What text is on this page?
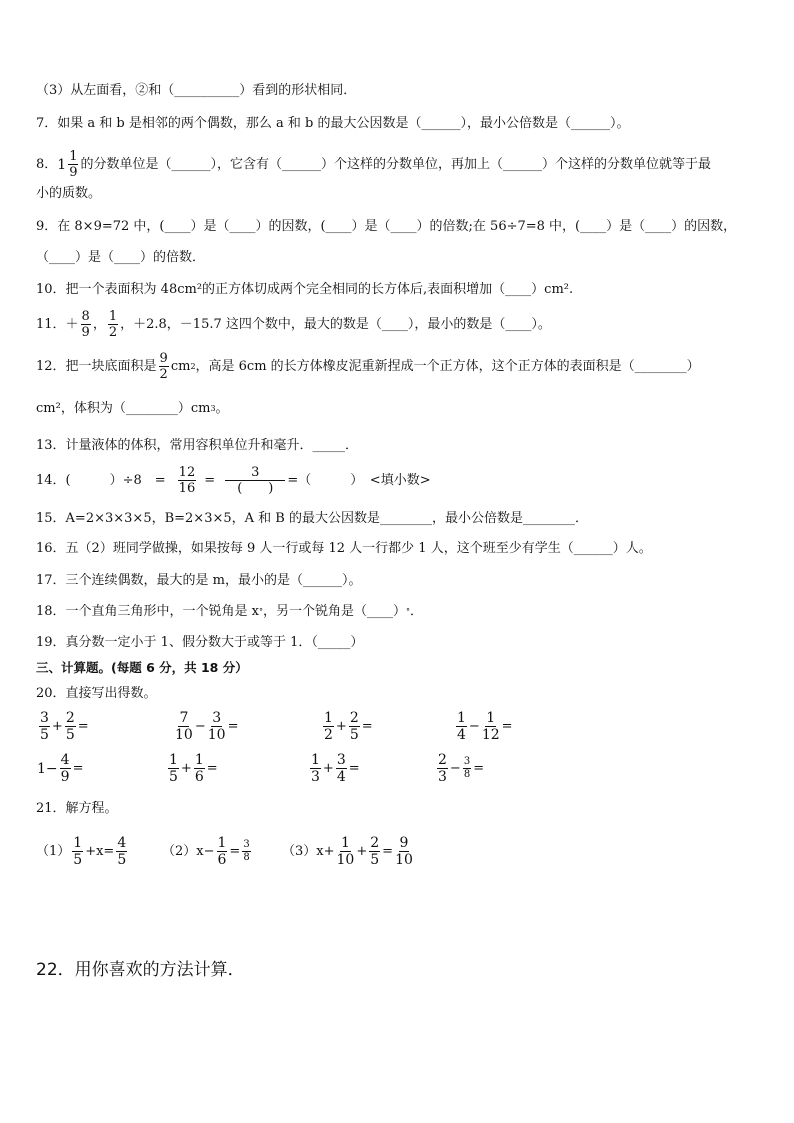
（3）从左面看，②和（__________）看到的形状相同．
7．如果 a 和 b 是相邻的两个偶数，那么 a 和 b 的最大公因数是（______），最小公倍数是（______）。
8． $1 \frac{1}{9}$ 的分数单位是（______），它含有（______）个这样的分数单位，再加上（______）个这样的分数单位就等于最
小的质数。
9．在 8×9=72 中，(____）是（____）的因数，(____）是（____）的倍数;在 56÷7=8 中，(____）是（____）的因数，
（____）是（____）的倍数．
10．把一个表面积为 48cm²的正方体切成两个完全相同的长方体后,表面积增加（____）cm².
11．＋ $\frac{8}{9}$ ， $\frac{1}{2}$ ，＋2.8，－15.7 这四个数中，最大的数是（____），最小的数是（____）。
12．把一块底面积是 $\frac{9}{2}$ cm 2 ，高是 6cm 的长方体橡皮泥重新捏成一个正方体，这个正方体的表面积是（________）
cm²，体积为（________）cm 3 。
13．计量液体的体积，常用容积单位升和毫升．_____．
14．(　　　）÷8　= $\frac{12}{16} = \frac{3}{( )}$ =（　　　）　<填小数>
15．A=2×3×3×5，B=2×3×5，A 和 B 的最大公因数是________，最小公倍数是________．
16．五（2）班同学做操，如果按每 9 人一行或每 12 人一行都少 1 人，这个班至少有学生（______）人。
17．三个连续偶数，最大的是 m，最小的是（______）。
18．一个直角三角形中，一个锐角是 x ° ，另一个锐角是（____） ° ．
19．真分数一定小于 1、假分数大于或等于 1．（_____）
三、计算题。(每题 6 分，共 18 分）
20．直接写出得数。
$\frac{3}{5} + \frac{2}{5}$ =	$\frac{7}{10} - \frac{3}{10}$ =	$\frac{1}{2} + \frac{2}{5}$ =	$\frac{1}{4} - \frac{1}{12}$ =
$1- \frac{4}{9}$ =	$\frac{1}{5} + \frac{1}{6}$ =	$\frac{1}{3} + \frac{3}{4}$ =	$\frac{2}{3} - \frac{3}{8}$ =
21．解方程。
$(1) \frac{1}{5} +x= \frac{4}{5}$	$(2)x- \frac{1}{6} = \frac{3}{8} (3)x+ \frac{1}{10} + \frac{2}{5} = \frac{9}{10}$
22．用你喜欢的方法计算．
